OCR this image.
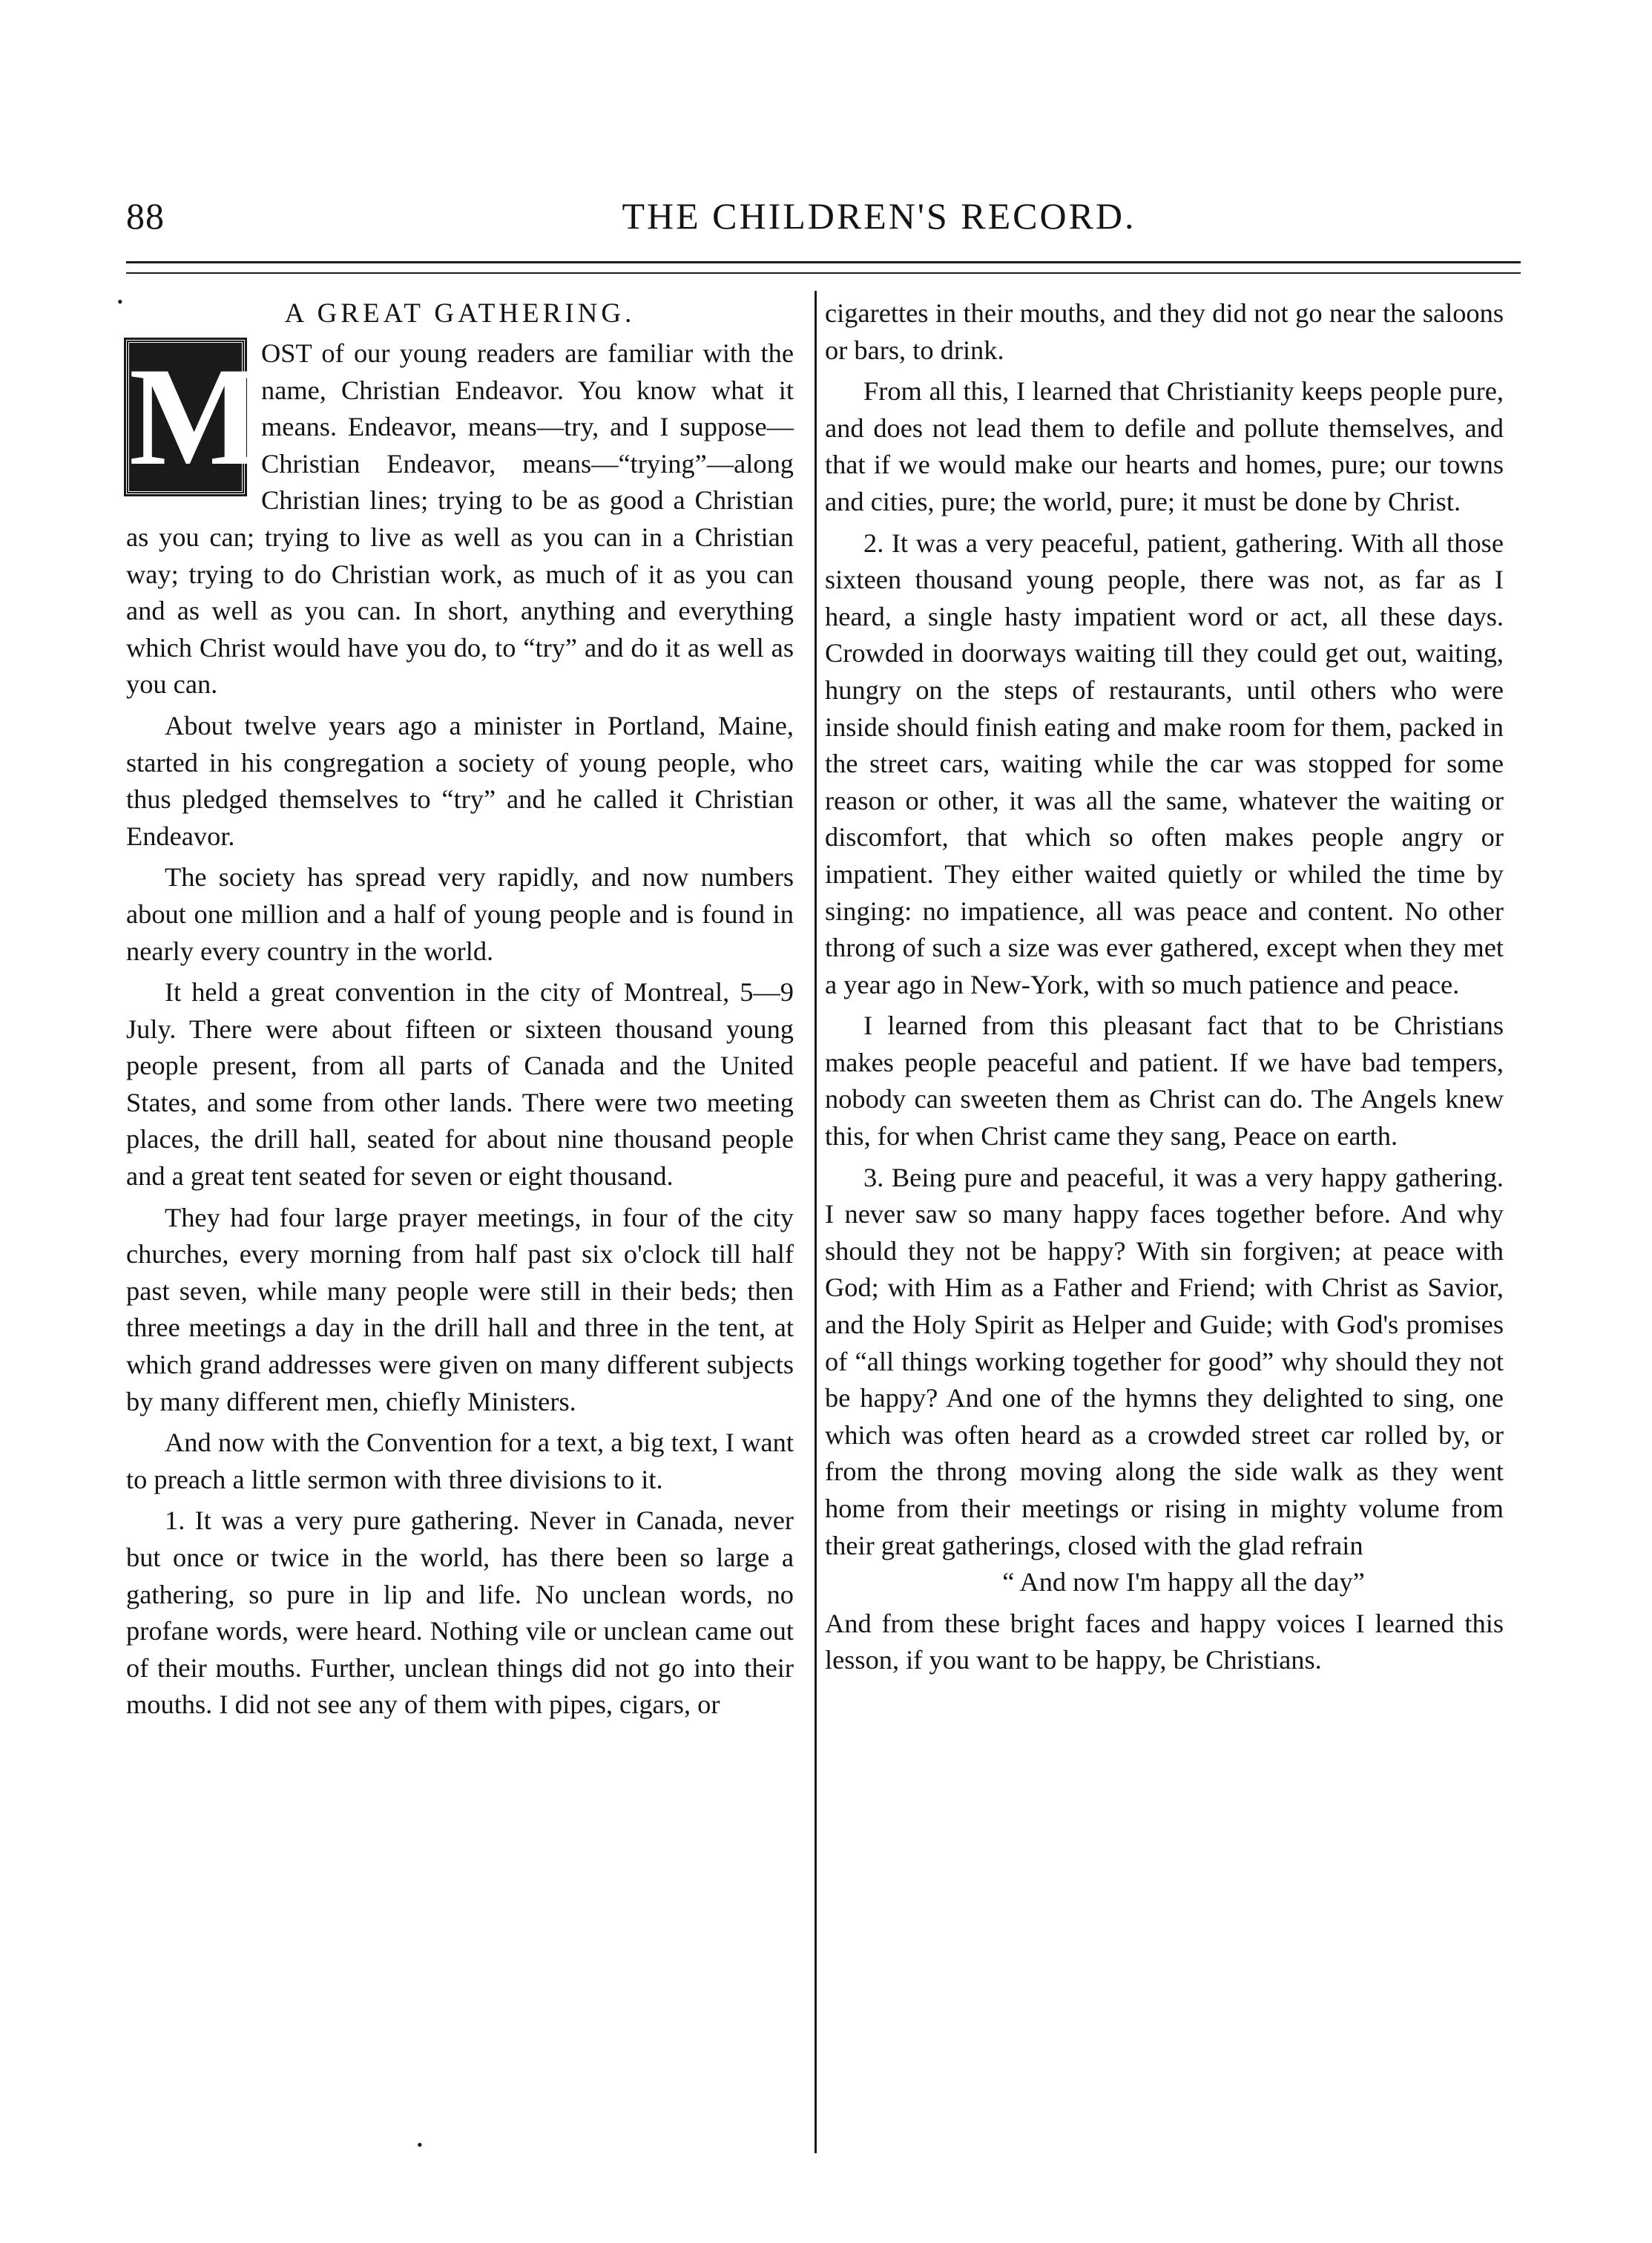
88	THE CHILDREN'S RECORD.
•
•
A GREAT GATHERING.
M

OST of our young readers are familiar with the name, Christian Endeavor. You know what it means. Endeavor, means—try, and I suppose—Christian Endeavor, means—“trying”—along Christian lines; trying to be as good a Christian as you can; trying to live as well as you can in a Christian way; trying to do Christian work, as much of it as you can and as well as you can. In short, anything and everything which Christ would have you do, to “try” and do it as well as you can.

About twelve years ago a minister in Portland, Maine, started in his congregation a society of young people, who thus pledged themselves to “try” and he called it Christian Endeavor.

The society has spread very rapidly, and now numbers about one million and a half of young people and is found in nearly every country in the world.

It held a great convention in the city of Montreal, 5—9 July. There were about fifteen or sixteen thousand young people present, from all parts of Canada and the United States, and some from other lands. There were two meeting places, the drill hall, seated for about nine thousand people and a great tent seated for seven or eight thousand.

They had four large prayer meetings, in four of the city churches, every morning from half past six o'clock till half past seven, while many people were still in their beds; then three meetings a day in the drill hall and three in the tent, at which grand addresses were given on many different subjects by many different men, chiefly Ministers.

And now with the Convention for a text, a big text, I want to preach a little sermon with three divisions to it.

1. It was a very pure gathering. Never in Canada, never but once or twice in the world, has there been so large a gathering, so pure in lip and life. No unclean words, no profane words, were heard. Nothing vile or unclean came out of their mouths. Further, unclean things did not go into their mouths. I did not see any of them with pipes, cigars, or

cigarettes in their mouths, and they did not go near the saloons or bars, to drink.

From all this, I learned that Christianity keeps people pure, and does not lead them to defile and pollute themselves, and that if we would make our hearts and homes, pure; our towns and cities, pure; the world, pure; it must be done by Christ.

2. It was a very peaceful, patient, gathering. With all those sixteen thousand young people, there was not, as far as I heard, a single hasty impatient word or act, all these days. Crowded in doorways waiting till they could get out, waiting, hungry on the steps of restaurants, until others who were inside should finish eating and make room for them, packed in the street cars, waiting while the car was stopped for some reason or other, it was all the same, whatever the waiting or discomfort, that which so often makes people angry or impatient. They either waited quietly or whiled the time by singing: no impatience, all was peace and content. No other throng of such a size was ever gathered, except when they met a year ago in New-York, with so much patience and peace.

I learned from this pleasant fact that to be Christians makes people peaceful and patient. If we have bad tempers, nobody can sweeten them as Christ can do. The Angels knew this, for when Christ came they sang, Peace on earth.

3. Being pure and peaceful, it was a very happy gathering. I never saw so many happy faces together before. And why should they not be happy? With sin forgiven; at peace with God; with Him as a Father and Friend; with Christ as Savior, and the Holy Spirit as Helper and Guide; with God's promises of “all things working together for good” why should they not be happy? And one of the hymns they delighted to sing, one which was often heard as a crowded street car rolled by, or from the throng moving along the side walk as they went home from their meetings or rising in mighty volume from their great gatherings, closed with the glad refrain

“ And now I'm happy all the day”

And from these bright faces and happy voices I learned this lesson, if you want to be happy, be Christians.
